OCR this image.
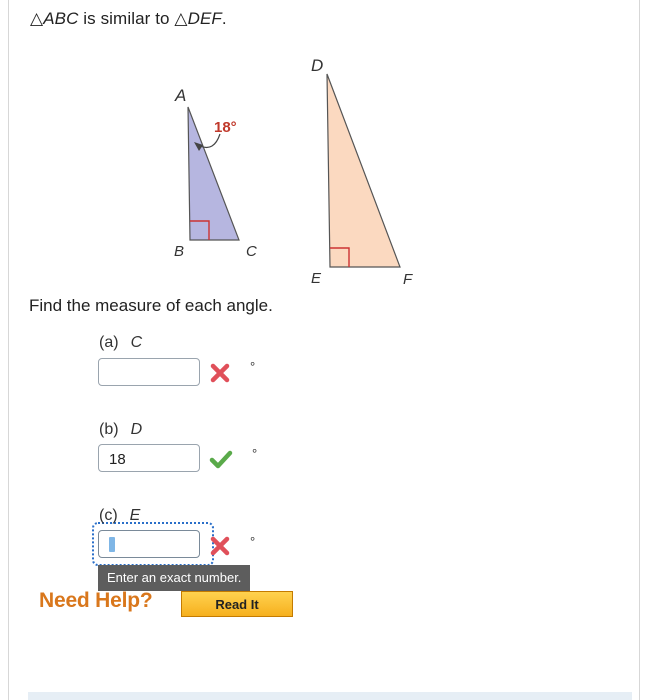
△ABC is similar to △DEF.
A
B	C
18°
D
E	F
Find the measure of each angle.
(a) C
°
(b) D
18	°
(c) E
°
Enter an exact number.
Need Help?	Read It
